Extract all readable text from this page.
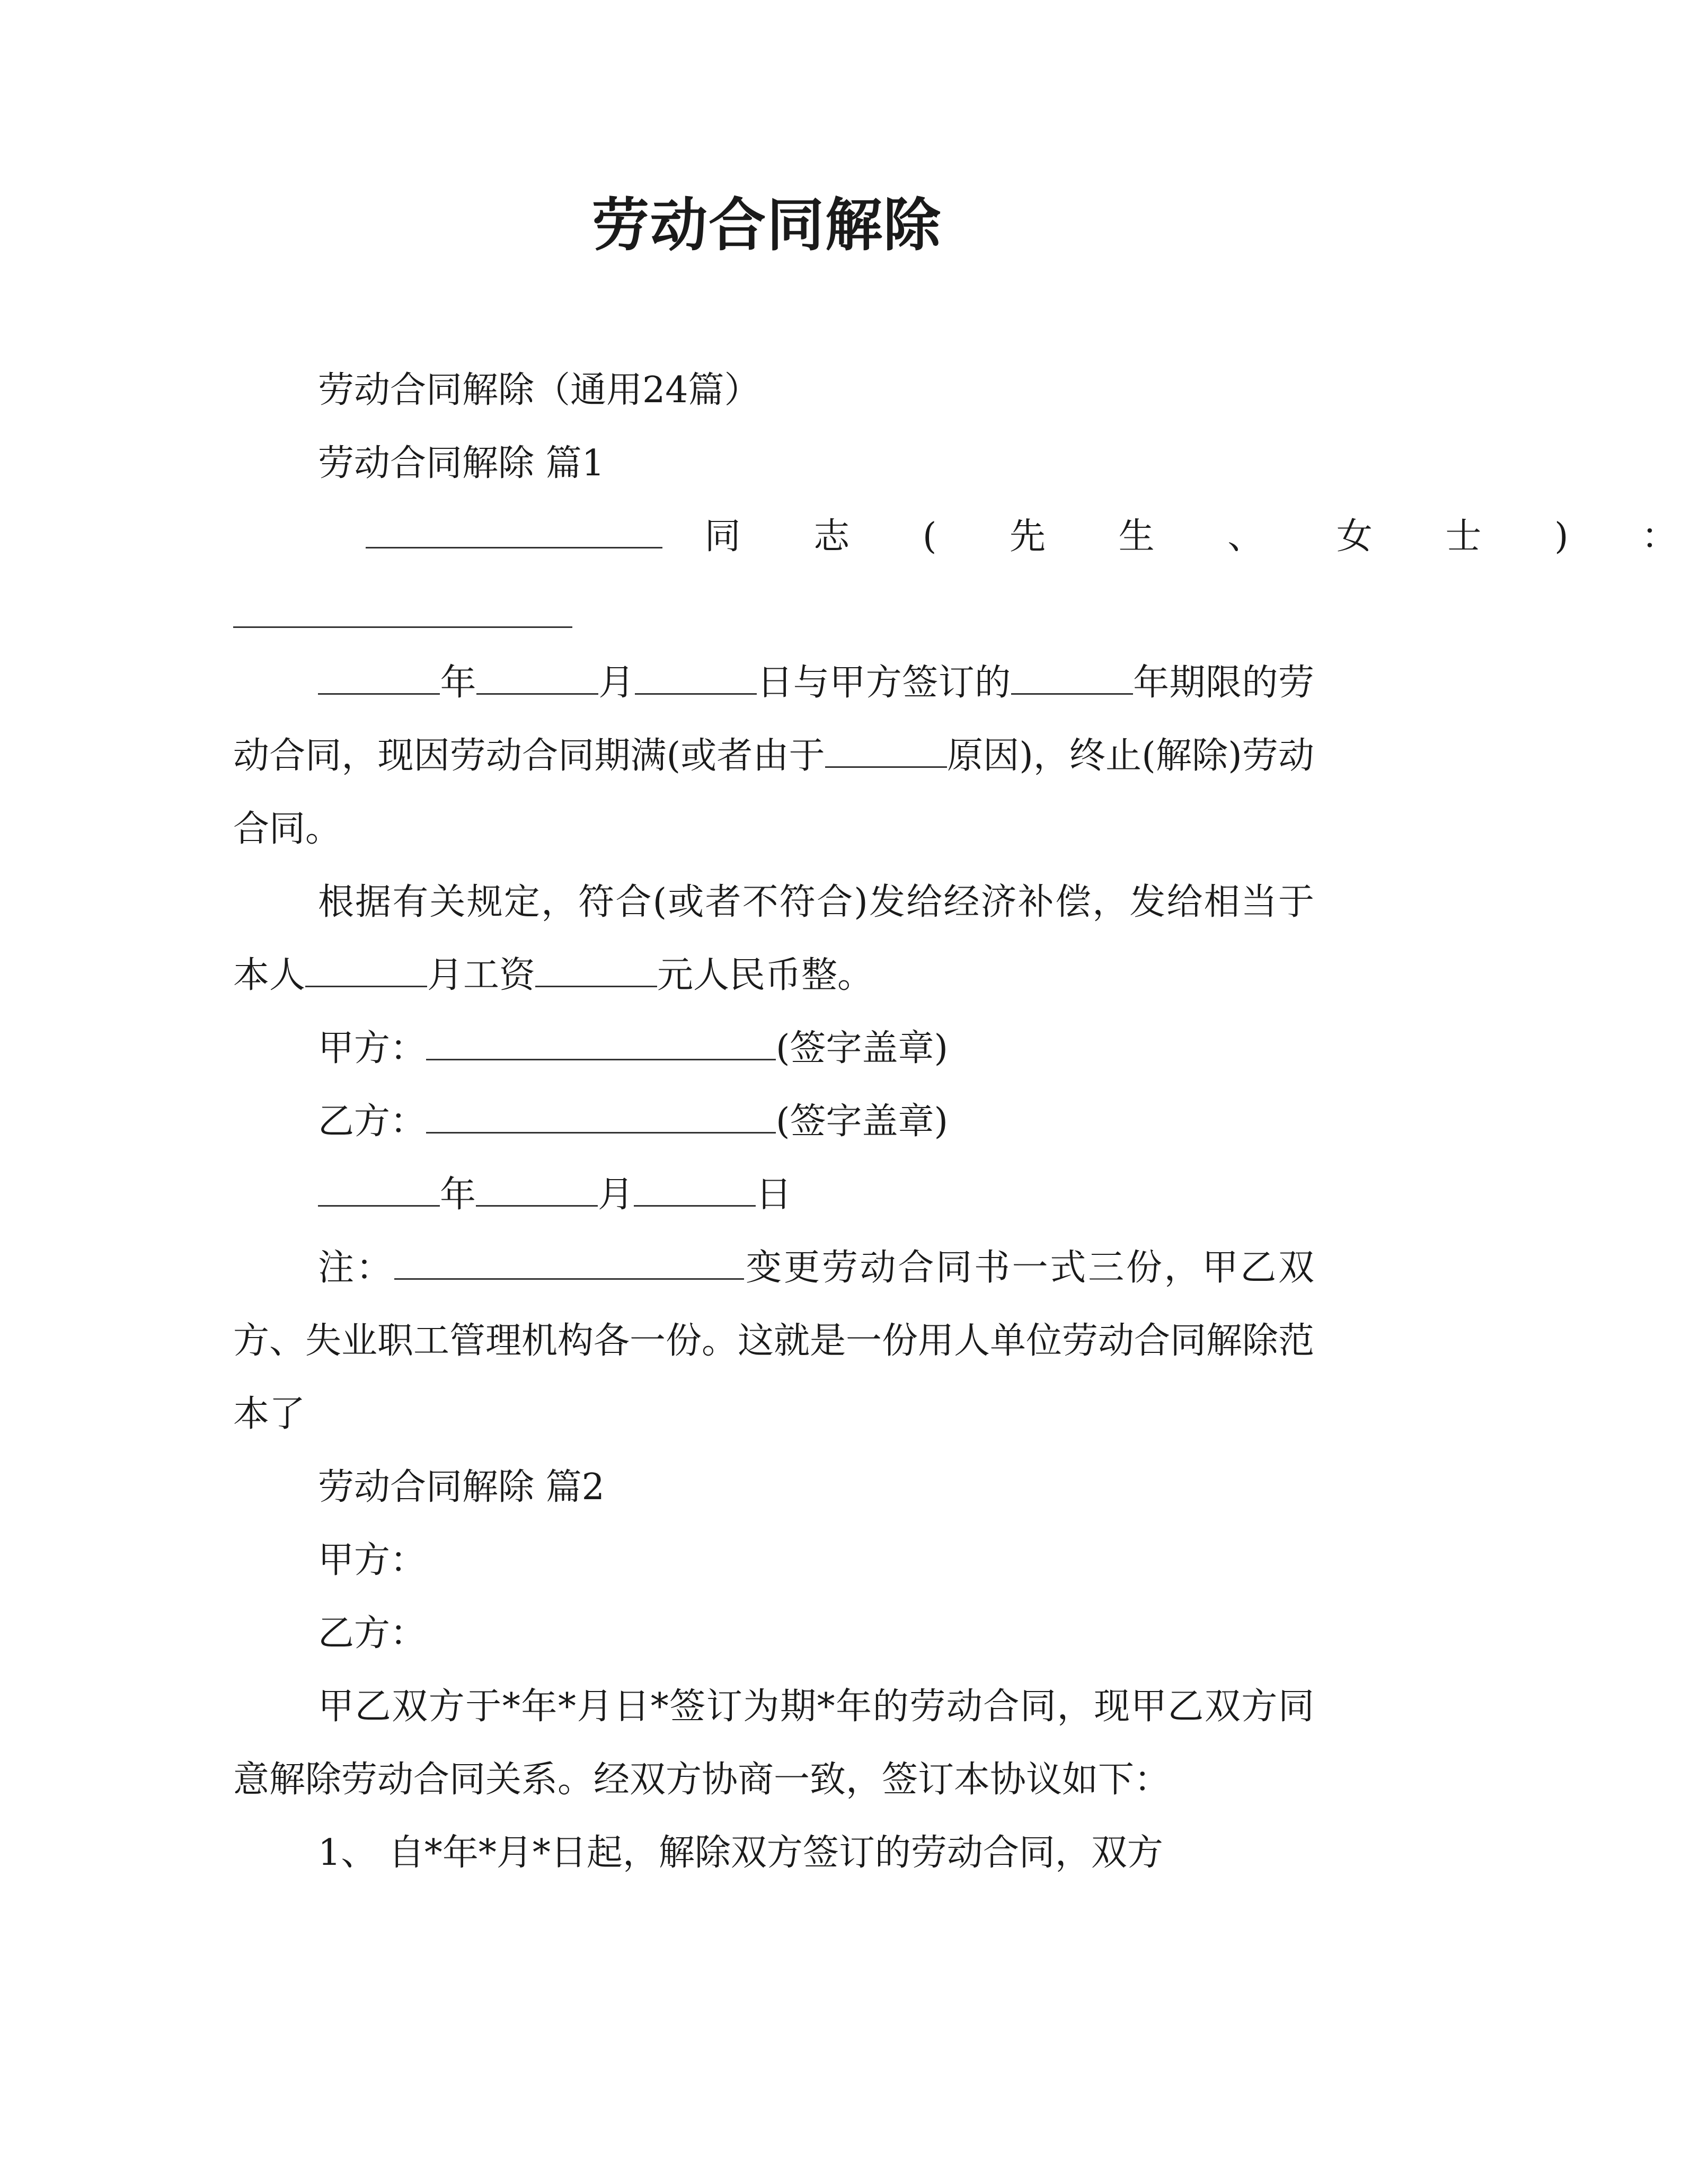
劳动合同解除

劳动合同解除（通用24篇）

劳动合同解除 篇1

同 志 ( 先 生 、 女 士 ) ：

年	月	日与甲方签订的	年期限的劳动合同，现因劳动合同期满(或者由于	原因)，终止(解除)劳动合同。

根据有关规定，符合(或者不符合)发给经济补偿，发给相当于本人	月工资	元人民币整。

甲方：	(签字盖章)

乙方：	(签字盖章)

年	月	日

注：	变更劳动合同书一式三份，甲乙双方、失业职工管理机构各一份。这就是一份用人单位劳动合同解除范本了

劳动合同解除 篇2

甲方：

乙方：

甲乙双方于*年*月日*签订为期*年的劳动合同，现甲乙双方同意解除劳动合同关系。经双方协商一致，签订本协议如下：

1、 自*年*月*日起，解除双方签订的劳动合同，双方
